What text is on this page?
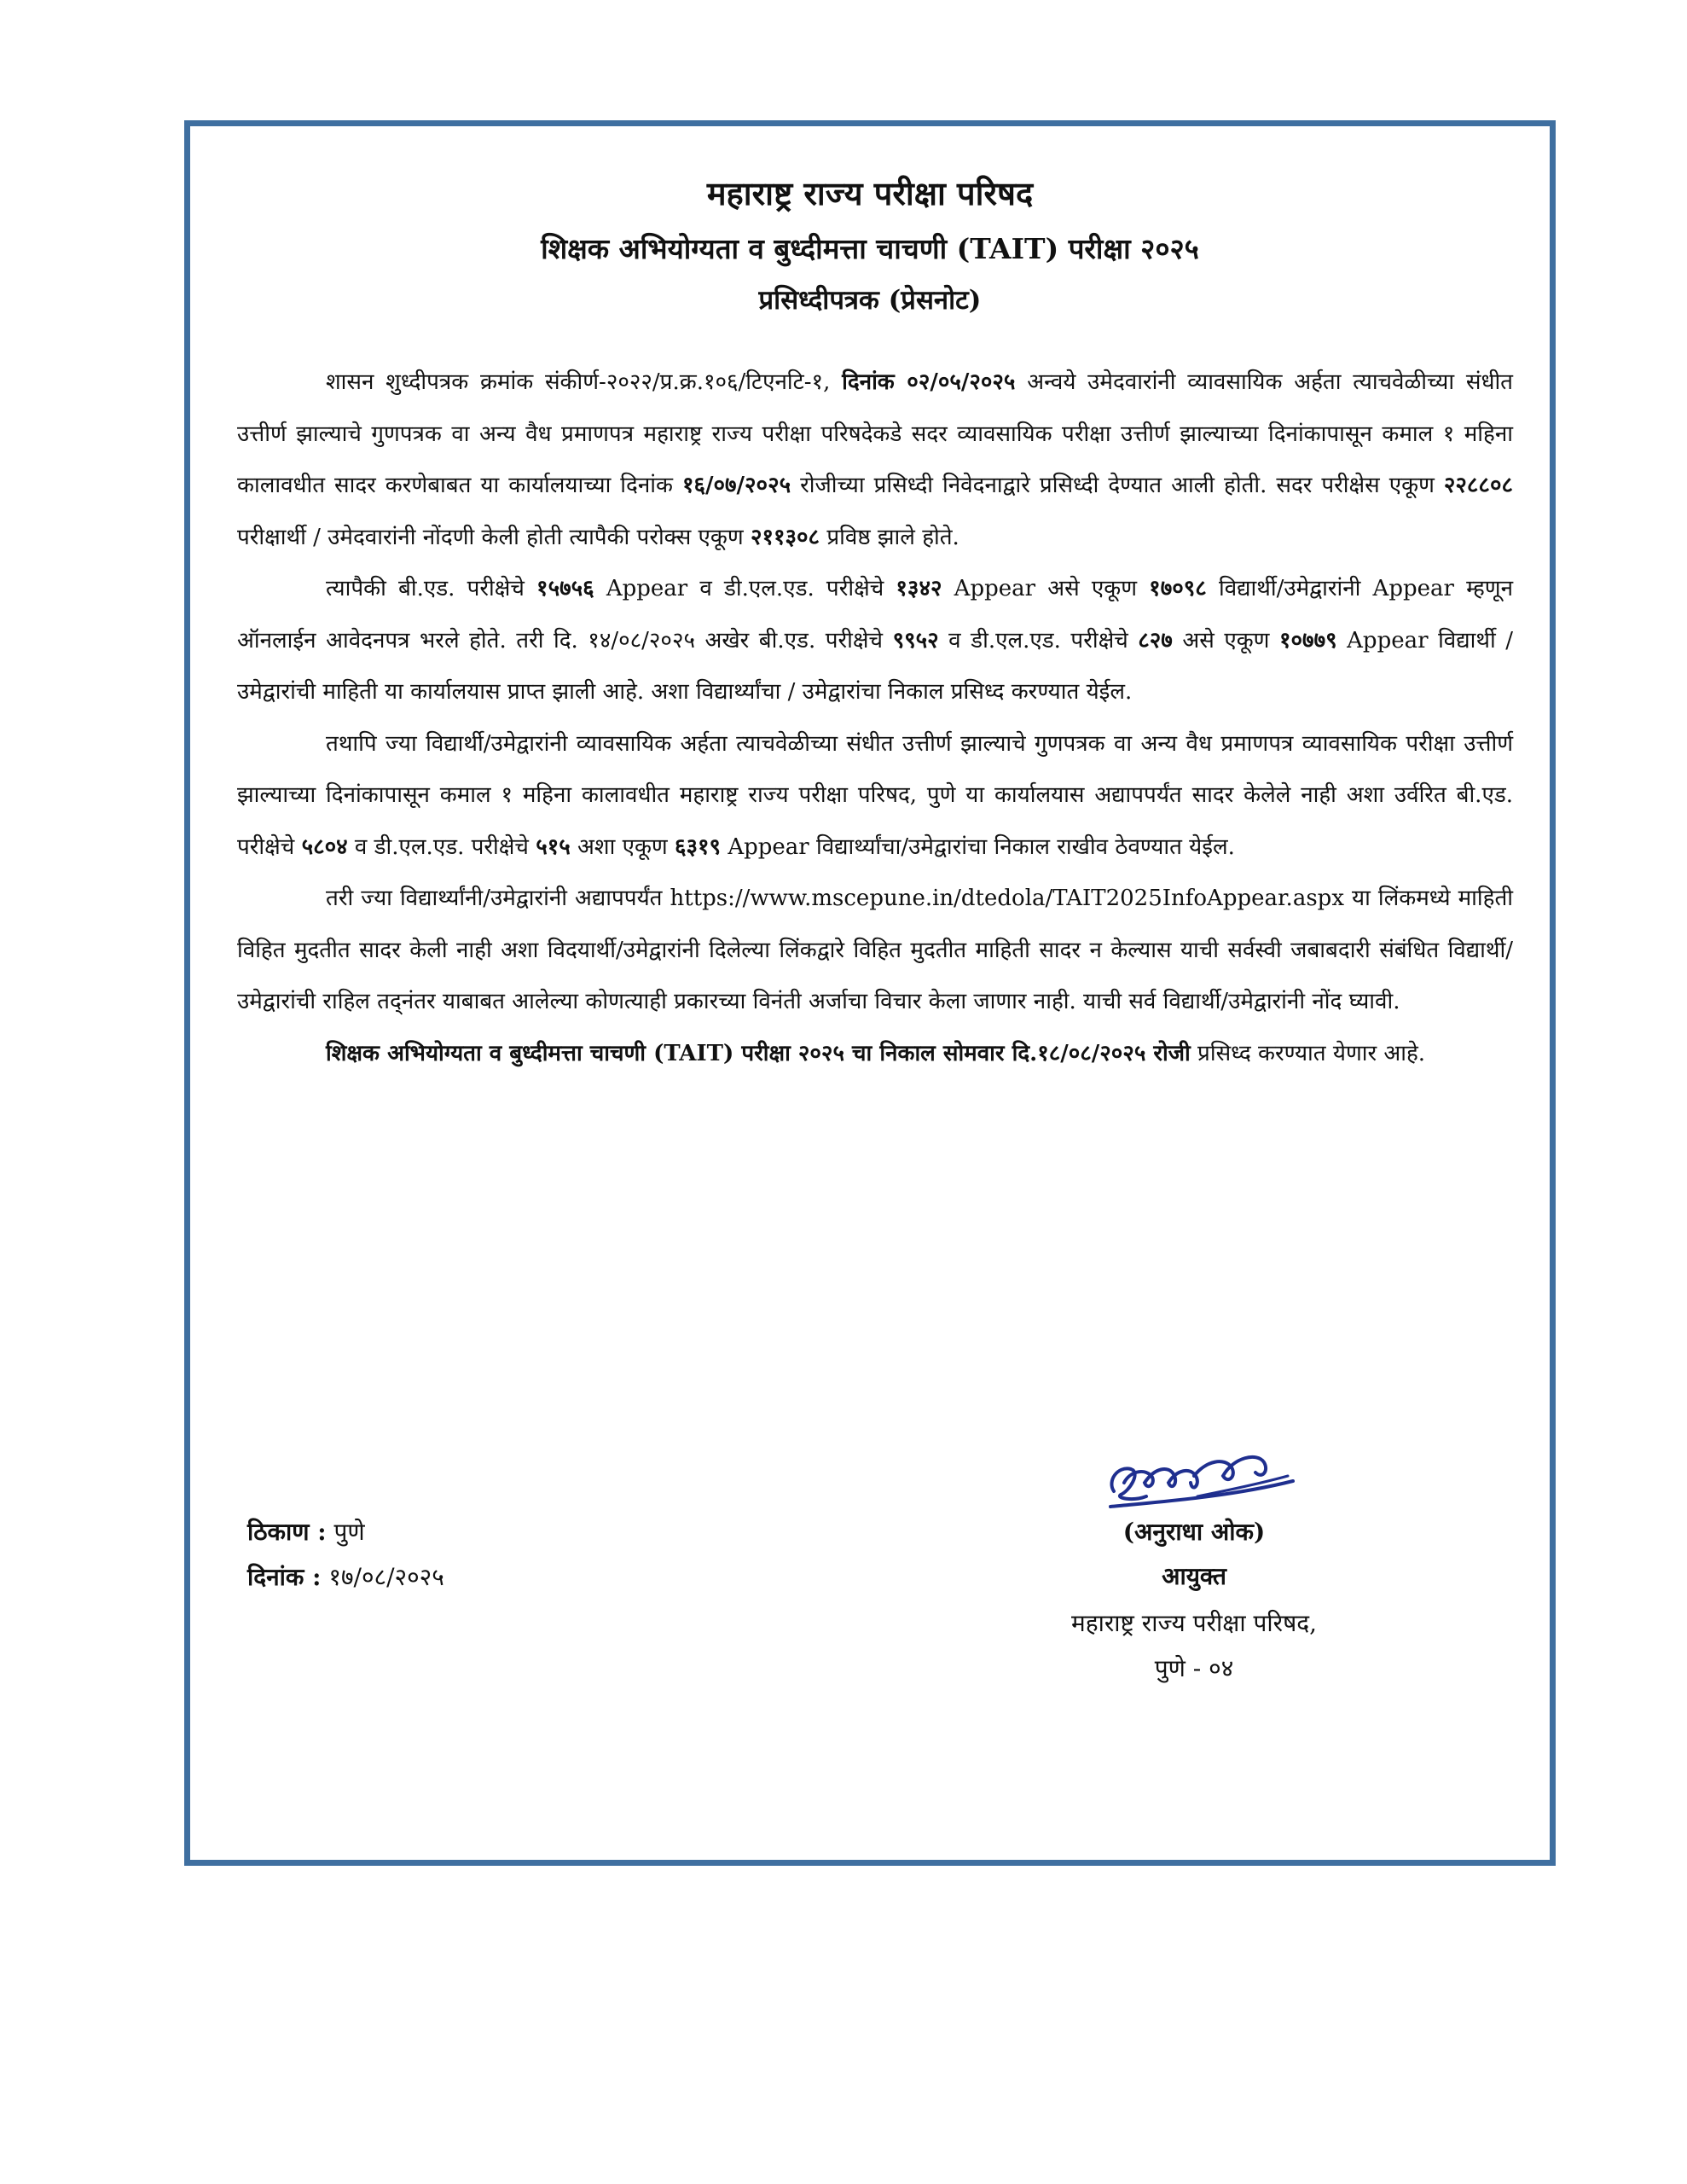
महाराष्ट्र राज्य परीक्षा परिषद
शिक्षक अभियोग्यता व बुध्दीमत्ता चाचणी (TAIT) परीक्षा २०२५
प्रसिध्दीपत्रक (प्रेसनोट)

शासन शुध्दीपत्रक क्रमांक संकीर्ण-२०२२/प्र.क्र.१०६/टिएनटि-१, दिनांक ०२/०५/२०२५ अन्वये उमेदवारांनी व्यावसायिक अर्हता त्याचवेळीच्या संधीत उत्तीर्ण झाल्याचे गुणपत्रक वा अन्य वैध प्रमाणपत्र महाराष्ट्र राज्य परीक्षा परिषदेकडे सदर व्यावसायिक परीक्षा उत्तीर्ण झाल्याच्या दिनांकापासून कमाल १ महिना कालावधीत सादर करणेबाबत या कार्यालयाच्या दिनांक १६/०७/२०२५ रोजीच्या प्रसिध्दी निवेदनाद्वारे प्रसिध्दी देण्यात आली होती. सदर परीक्षेस एकूण २२८८०८ परीक्षार्थी / उमेदवारांनी नोंदणी केली होती त्यापैकी परोक्स एकूण २११३०८ प्रविष्ठ झाले होते.

त्यापैकी बी.एड. परीक्षेचे १५७५६ Appear व डी.एल.एड. परीक्षेचे १३४२ Appear असे एकूण १७०९८ विद्यार्थी/उमेद्वारांनी Appear म्हणून ऑनलाईन आवेदनपत्र भरले होते. तरी दि. १४/०८/२०२५ अखेर बी.एड. परीक्षेचे ९९५२ व डी.एल.एड. परीक्षेचे ८२७ असे एकूण १०७७९ Appear विद्यार्थी / उमेद्वारांची माहिती या कार्यालयास प्राप्त झाली आहे. अशा विद्यार्थ्यांचा / उमेद्वारांचा निकाल प्रसिध्द करण्यात येईल.

तथापि ज्या विद्यार्थी/उमेद्वारांनी व्यावसायिक अर्हता त्याचवेळीच्या संधीत उत्तीर्ण झाल्याचे गुणपत्रक वा अन्य वैध प्रमाणपत्र व्यावसायिक परीक्षा उत्तीर्ण झाल्याच्या दिनांकापासून कमाल १ महिना कालावधीत महाराष्ट्र राज्य परीक्षा परिषद, पुणे या कार्यालयास अद्यापपर्यंत सादर केलेले नाही अशा उर्वरित बी.एड. परीक्षेचे ५८०४ व डी.एल.एड. परीक्षेचे ५१५ अशा एकूण ६३१९ Appear विद्यार्थ्यांचा/उमेद्वारांचा निकाल राखीव ठेवण्यात येईल.

तरी ज्या विद्यार्थ्यांनी/उमेद्वारांनी अद्यापपर्यंत https://www.mscepune.in/dtedola/TAIT2025InfoAppear.aspx या लिंकमध्ये माहिती विहित मुदतीत सादर केली नाही अशा विदयार्थी/उमेद्वारांनी दिलेल्या लिंकद्वारे विहित मुदतीत माहिती सादर न केल्यास याची सर्वस्वी जबाबदारी संबंधित विद्यार्थी/उमेद्वारांची राहिल तद्नंतर याबाबत आलेल्या कोणत्याही प्रकारच्या विनंती अर्जाचा विचार केला जाणार नाही. याची सर्व विद्यार्थी/उमेद्वारांनी नोंद घ्यावी.

शिक्षक अभियोग्यता व बुध्दीमत्ता चाचणी (TAIT) परीक्षा २०२५ चा निकाल सोमवार दि.१८/०८/२०२५ रोजी प्रसिध्द करण्यात येणार आहे.

(अनुराधा ओक)
आयुक्त
महाराष्ट्र राज्य परीक्षा परिषद,
पुणे - ०४
ठिकाण : पुणे
दिनांक : १७/०८/२०२५
